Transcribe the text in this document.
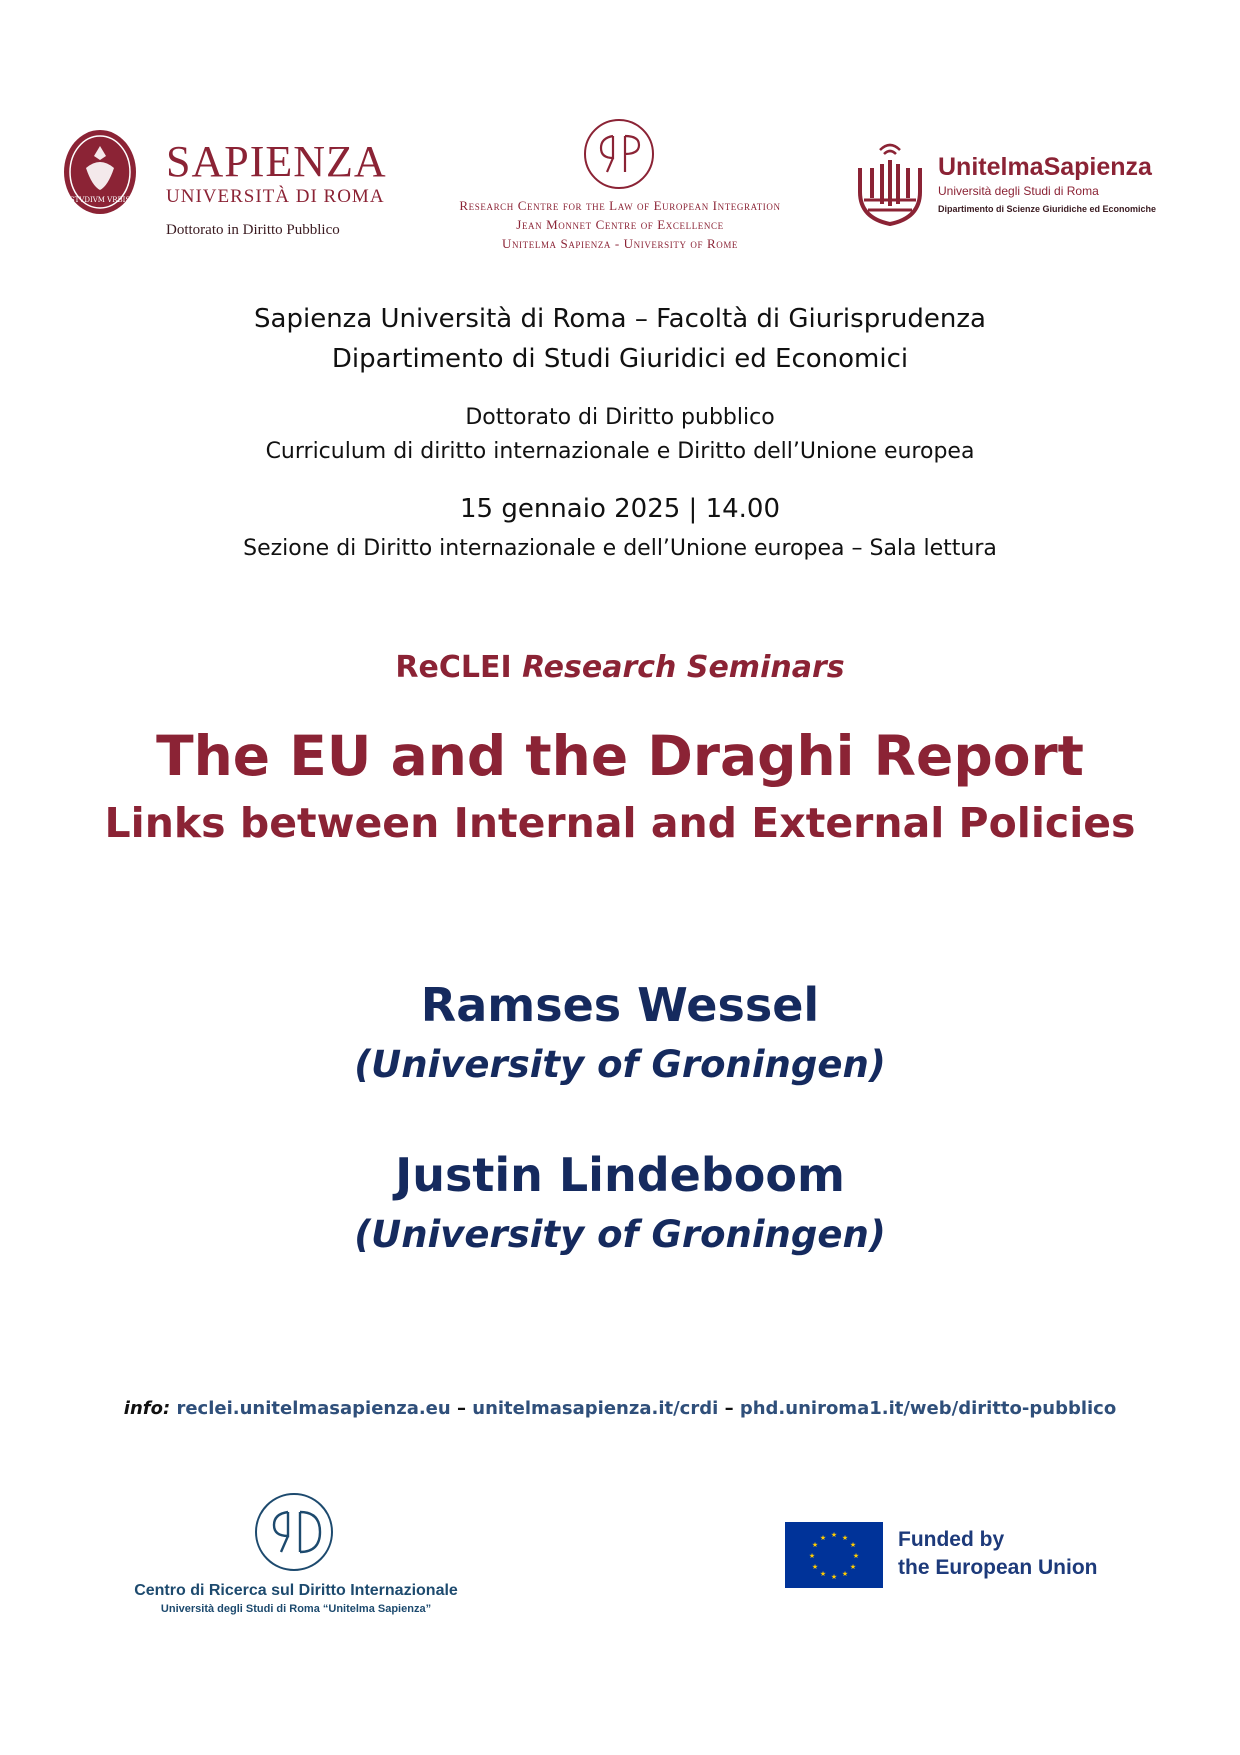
STVDIVM VRBIS
SAPIENZA
UNIVERSITÀ DI ROMA
Dottorato in Diritto Pubblico
Research Centre for the Law of European Integration
Jean Monnet Centre of Excellence
Unitelma Sapienza - University of Rome
UnitelmaSapienza
Università degli Studi di Roma
Dipartimento di Scienze Giuridiche ed Economiche
Sapienza Università di Roma – Facoltà di Giurisprudenza
Dipartimento di Studi Giuridici ed Economici
Dottorato di Diritto pubblico
Curriculum di diritto internazionale e Diritto dell’Unione europea
15 gennaio 2025 | 14.00
Sezione di Diritto internazionale e dell’Unione europea – Sala lettura
ReCLEI Research Seminars
The EU and the Draghi Report
Links between Internal and External Policies
Ramses Wessel
(University of Groningen)
Justin Lindeboom
(University of Groningen)
info: reclei.unitelmasapienza.eu – unitelmasapienza.it/crdi – phd.uniroma1.it/web/diritto-pubblico
Centro di Ricerca sul Diritto Internazionale
Università degli Studi di Roma “Unitelma Sapienza”
★ ★
★
★
★
★
★
★
★
★
★
★	Funded by
the European Union
